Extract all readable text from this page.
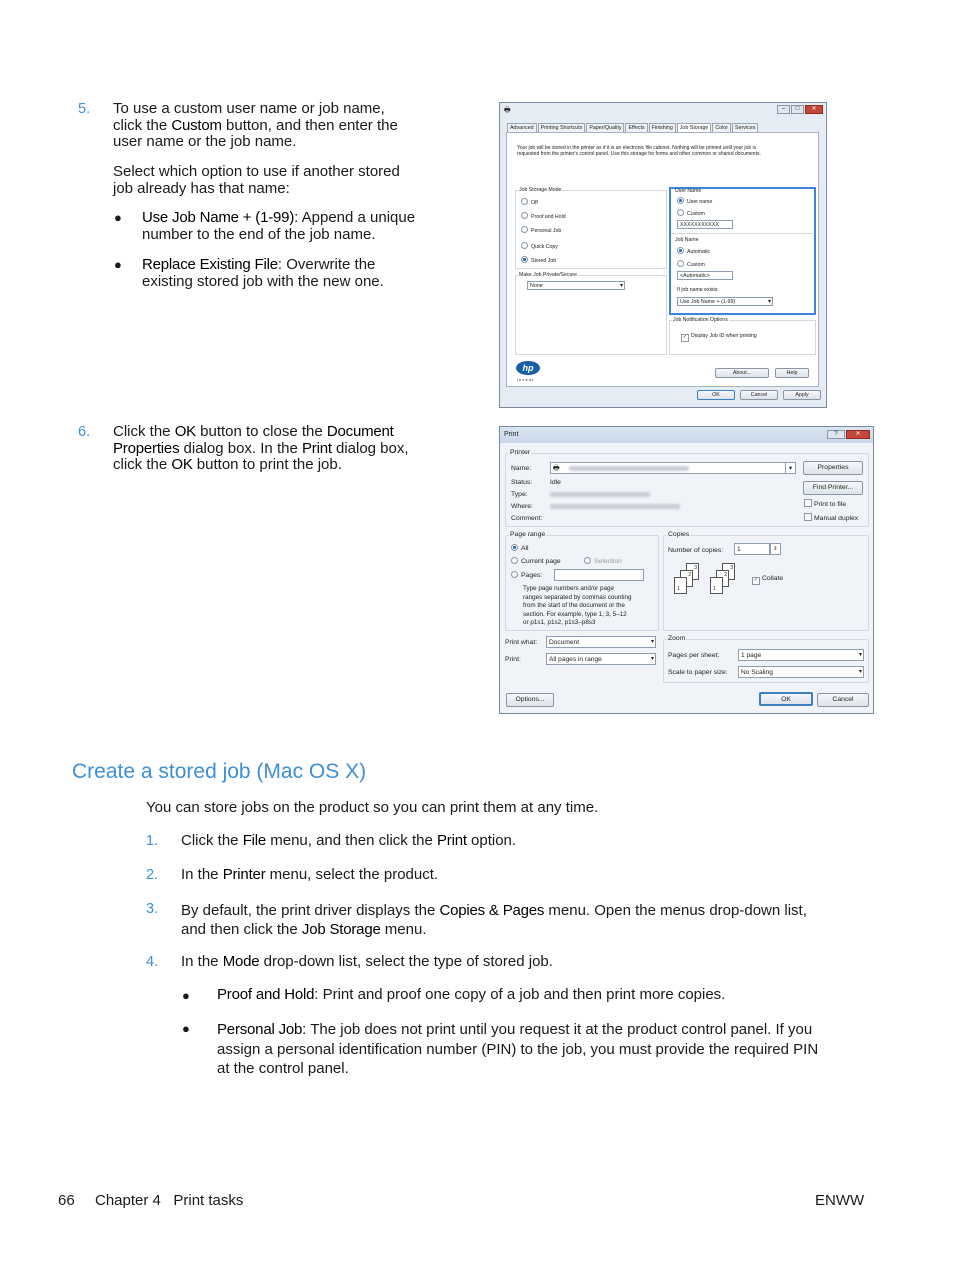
5. To use a custom user name or job name,
click the Custom button, and then enter the
user name or the job name.
Select which option to use if another stored
job already has that name:
● Use Job Name + (1-99): Append a unique
number to the end of the job name.
● Replace Existing File: Overwrite the
existing stored job with the new one.
🖶	–	□	✕
Advanced	Printing Shortcuts	Paper/Quality	Effects	Finishing	Job Storage	Color	Services
Your job will be stored in the printer as if it is an electronic file cabinet. Nothing will be printed until your job is
requested from the printer's control panel. Use this storage for forms and other common or shared documents.
Job Storage Mode
Off
Proof and Hold
Personal Job
Quick Copy
Stored Job
Make Job Private/Secure
None ▾
User Name
User name
Custom
XXXXXXXXXXX
Job Name
Automatic
Custom
<Automatic>
If job name exists:
Use Job Name + (1-99) ▾
Job Notification Options
✓ Display Job ID when printing
hp
i n v e n t
About...	Help
OK	Cancel	Apply
6. Click the OK button to close the Document
Properties dialog box. In the Print dialog box,
click the OK button to print the job.
Print	?	✕
Printer
Name:	🖶	▾	Properties
Status:	Idle
Type:
Where:
Comment:
Find Printer...
Print to file
Manual duplex
Page range
All
Current page	Selection
Pages:
Type page numbers and/or page
ranges separated by commas counting
from the start of the document or the
section. For example, type 1, 3, 5–12
or p1s1, p1s2, p1s3–p8s3
Copies
Number of copies:	1	⇕
3
2
1
3
2
1
✓ Collate
Print what:	Document ▾
Print:	All pages in range ▾
Zoom
Pages per sheet:	1 page ▾
Scale to paper size:	No Scaling ▾
Options...	OK	Cancel
Create a stored job (Mac OS X)
You can store jobs on the product so you can print them at any time.
1. Click the File menu, and then click the Print option.
2. In the Printer menu, select the product.
3. By default, the print driver displays the Copies & Pages menu. Open the menus drop-down list,
and then click the Job Storage menu.
4. In the Mode drop-down list, select the type of stored job.
● Proof and Hold: Print and proof one copy of a job and then print more copies.
● Personal Job: The job does not print until you request it at the product control panel. If you
assign a personal identification number (PIN) to the job, you must provide the required PIN
at the control panel.
66 Chapter 4   Print tasks	ENWW
